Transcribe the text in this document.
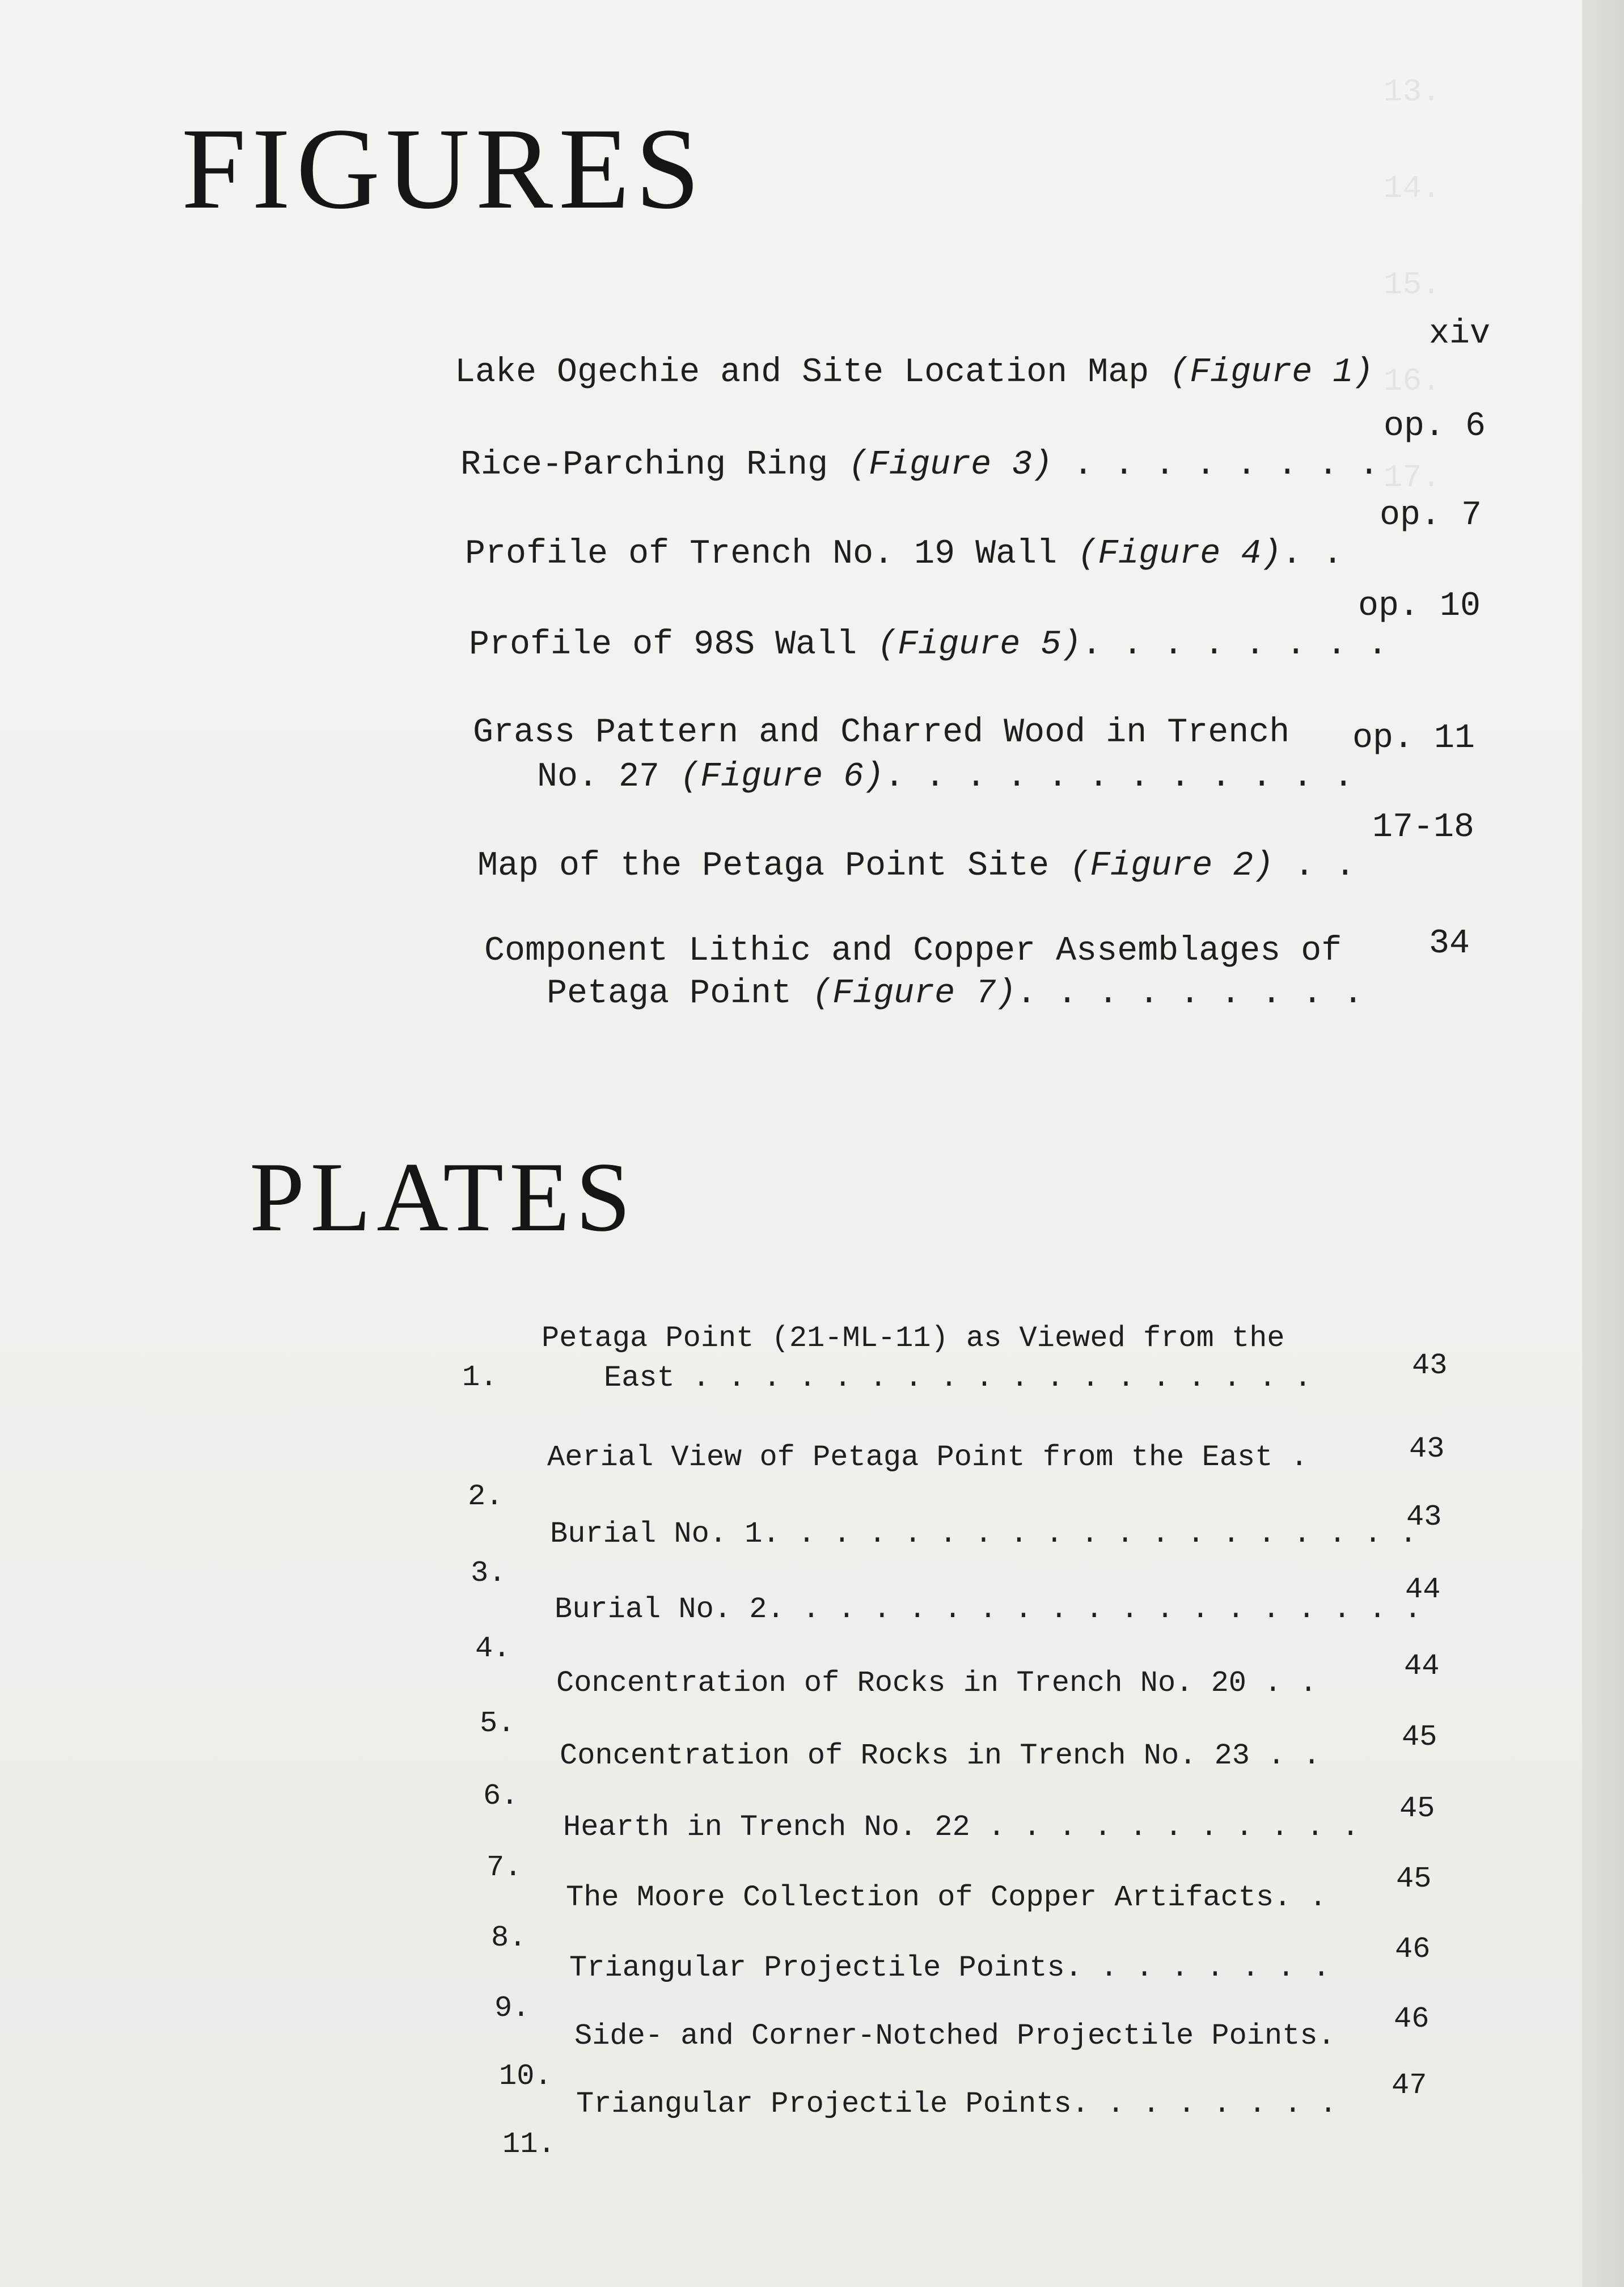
13.
14.
15.
16.
17.
FIGURES

Lake Ogechie and Site Location Map (Figure 1)

xiv

Rice-Parching Ring (Figure 3) . . . . . . . .

op. 6

Profile of Trench No. 19 Wall (Figure 4). .

op. 7

Profile of 98S Wall (Figure 5). . . . . . . .

op. 10

Grass Pattern and Charred Wood in Trench

No. 27 (Figure 6). . . . . . . . . . . .

op. 11

Map of the Petaga Point Site (Figure 2) . .

17-18

Component Lithic and Copper Assemblages of

Petaga Point (Figure 7). . . . . . . . .

34

PLATES

1.

Petaga Point (21-ML-11) as Viewed from the

East . . . . . . . . . . . . . . . . . .

	43

2.

Aerial View of Petaga Point from the East .

	43

3.

Burial No. 1. . . . . . . . . . . . . . . . . . .

43

4.

Burial No. 2. . . . . . . . . . . . . . . . . . .

44

5.

Concentration of Rocks in Trench No. 20 . .

44

6.

Concentration of Rocks in Trench No. 23 . .

45

7.

Hearth in Trench No. 22 . . . . . . . . . . .

45

8.

The Moore Collection of Copper Artifacts. .

45

9.

Triangular Projectile Points. . . . . . . .

46

10.

Side- and Corner-Notched Projectile Points.

46

11.

Triangular Projectile Points. . . . . . . .

47
